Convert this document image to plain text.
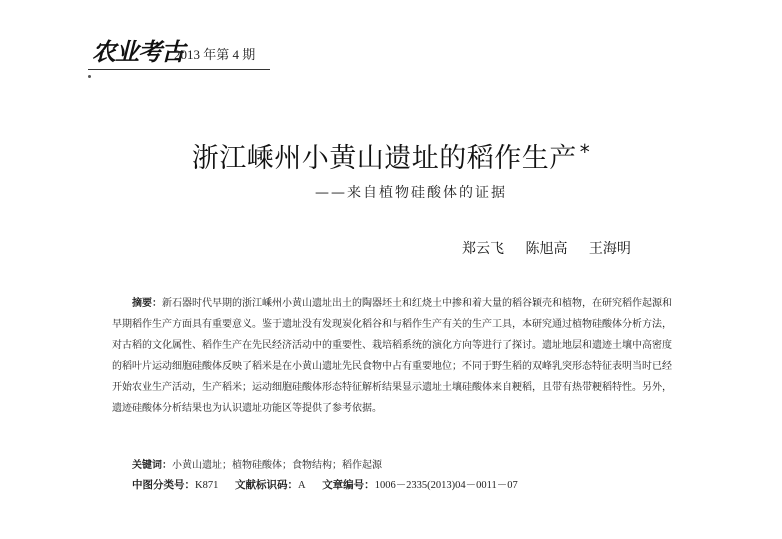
农业考古
2013 年第 4 期
浙江嵊州小黄山遗址的稻作生产 *
——来自植物硅酸体的证据
郑云飞 陈旭高 王海明
摘要：新石器时代早期的浙江嵊州小黄山遗址出土的陶器坯土和红烧土中掺和着大量的稻谷颖壳和植物，在研究稻作起源和早期稻作生产方面具有重要意义。鉴于遗址没有发现炭化稻谷和与稻作生产有关的生产工具，本研究通过植物硅酸体分析方法，对古稻的文化属性、稻作生产在先民经济活动中的重要性、栽培稻系统的演化方向等进行了探讨。遗址地层和遗迹土壤中高密度的稻叶片运动细胞硅酸体反映了稻米是在小黄山遗址先民食物中占有重要地位；不同于野生稻的双峰乳突形态特征表明当时已经开始农业生产活动，生产稻米；运动细胞硅酸体形态特征解析结果显示遗址土壤硅酸体来自粳稻，且带有热带粳稻特性。另外，遗迹硅酸体分析结果也为认识遗址功能区等提供了参考依据。
关键词：小黄山遗址；植物硅酸体；食物结构；稻作起源
中图分类号：K871 文献标识码：A 文章编号：1006－2335(2013)04－0011－07
